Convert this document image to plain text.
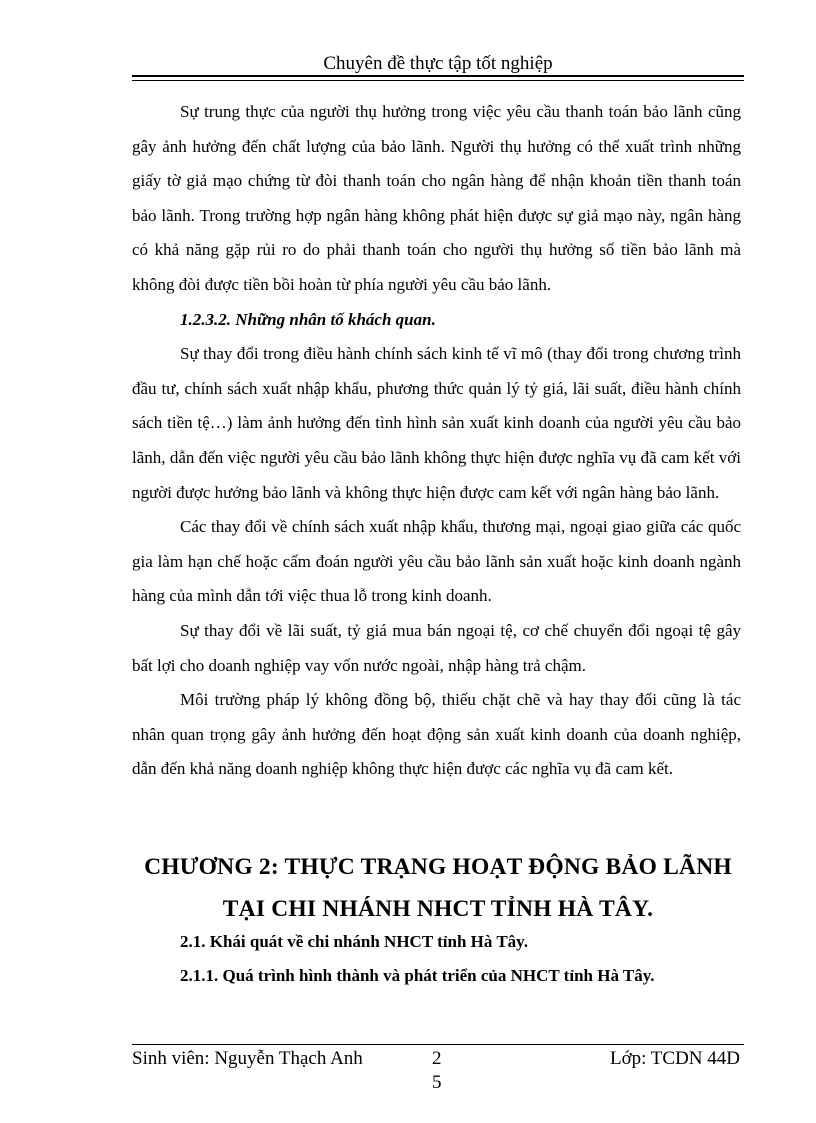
Chuyên đề thực tập tốt nghiệp

Sự trung thực của người thụ hưởng trong việc yêu cầu thanh toán bảo lãnh cũng gây ảnh hưởng đến chất lượng của bảo lãnh. Người thụ hưởng có thể xuất trình những giấy tờ giả mạo chứng từ đòi thanh toán cho ngân hàng để nhận khoản tiền thanh toán bảo lãnh. Trong trường hợp ngân hàng không phát hiện được sự giả mạo này, ngân hàng có khả năng gặp rủi ro do phải thanh toán cho người thụ hưởng số tiền bảo lãnh mà không đòi được tiền bồi hoàn từ phía người yêu cầu bảo lãnh.

1.2.3.2. Những nhân tố khách quan.

Sự thay đổi trong điều hành chính sách kinh tế vĩ mô (thay đổi trong chương trình đầu tư, chính sách xuất nhập khẩu, phương thức quản lý tỷ giá, lãi suất, điều hành chính sách tiền tệ…) làm ảnh hưởng đến tình hình sản xuất kinh doanh của người yêu cầu bảo lãnh, dẫn đến việc người yêu cầu bảo lãnh không thực hiện được nghĩa vụ đã cam kết với người được hưởng bảo lãnh và không thực hiện được cam kết với ngân hàng bảo lãnh.

Các thay đổi về chính sách xuất nhập khẩu, thương mại, ngoại giao giữa các quốc gia làm hạn chế hoặc cấm đoán người yêu cầu bảo lãnh sản xuất hoặc kinh doanh ngành hàng của mình dẫn tới việc thua lỗ trong kinh doanh.

Sự thay đổi về lãi suất, tỷ giá mua bán ngoại tệ, cơ chế chuyển đổi ngoại tệ gây bất lợi cho doanh nghiệp vay vốn nước ngoài, nhập hàng trả chậm.

Môi trường pháp lý không đồng bộ, thiếu chặt chẽ và hay thay đổi cũng là tác nhân quan trọng gây ảnh hưởng đến hoạt động sản xuất kinh doanh của doanh nghiệp, dẫn đến khả năng doanh nghiệp không thực hiện được các nghĩa vụ đã cam kết.

CHƯƠNG 2: THỰC TRẠNG HOẠT ĐỘNG BẢO LÃNH
TẠI CHI NHÁNH NHCT TỈNH HÀ TÂY.
2.1. Khái quát về chi nhánh NHCT tỉnh Hà Tây.
2.1.1. Quá trình hình thành và phát triển của NHCT tỉnh Hà Tây.
Sinh viên: Nguyễn Thạch Anh	25
Lớp: TCDN 44D
